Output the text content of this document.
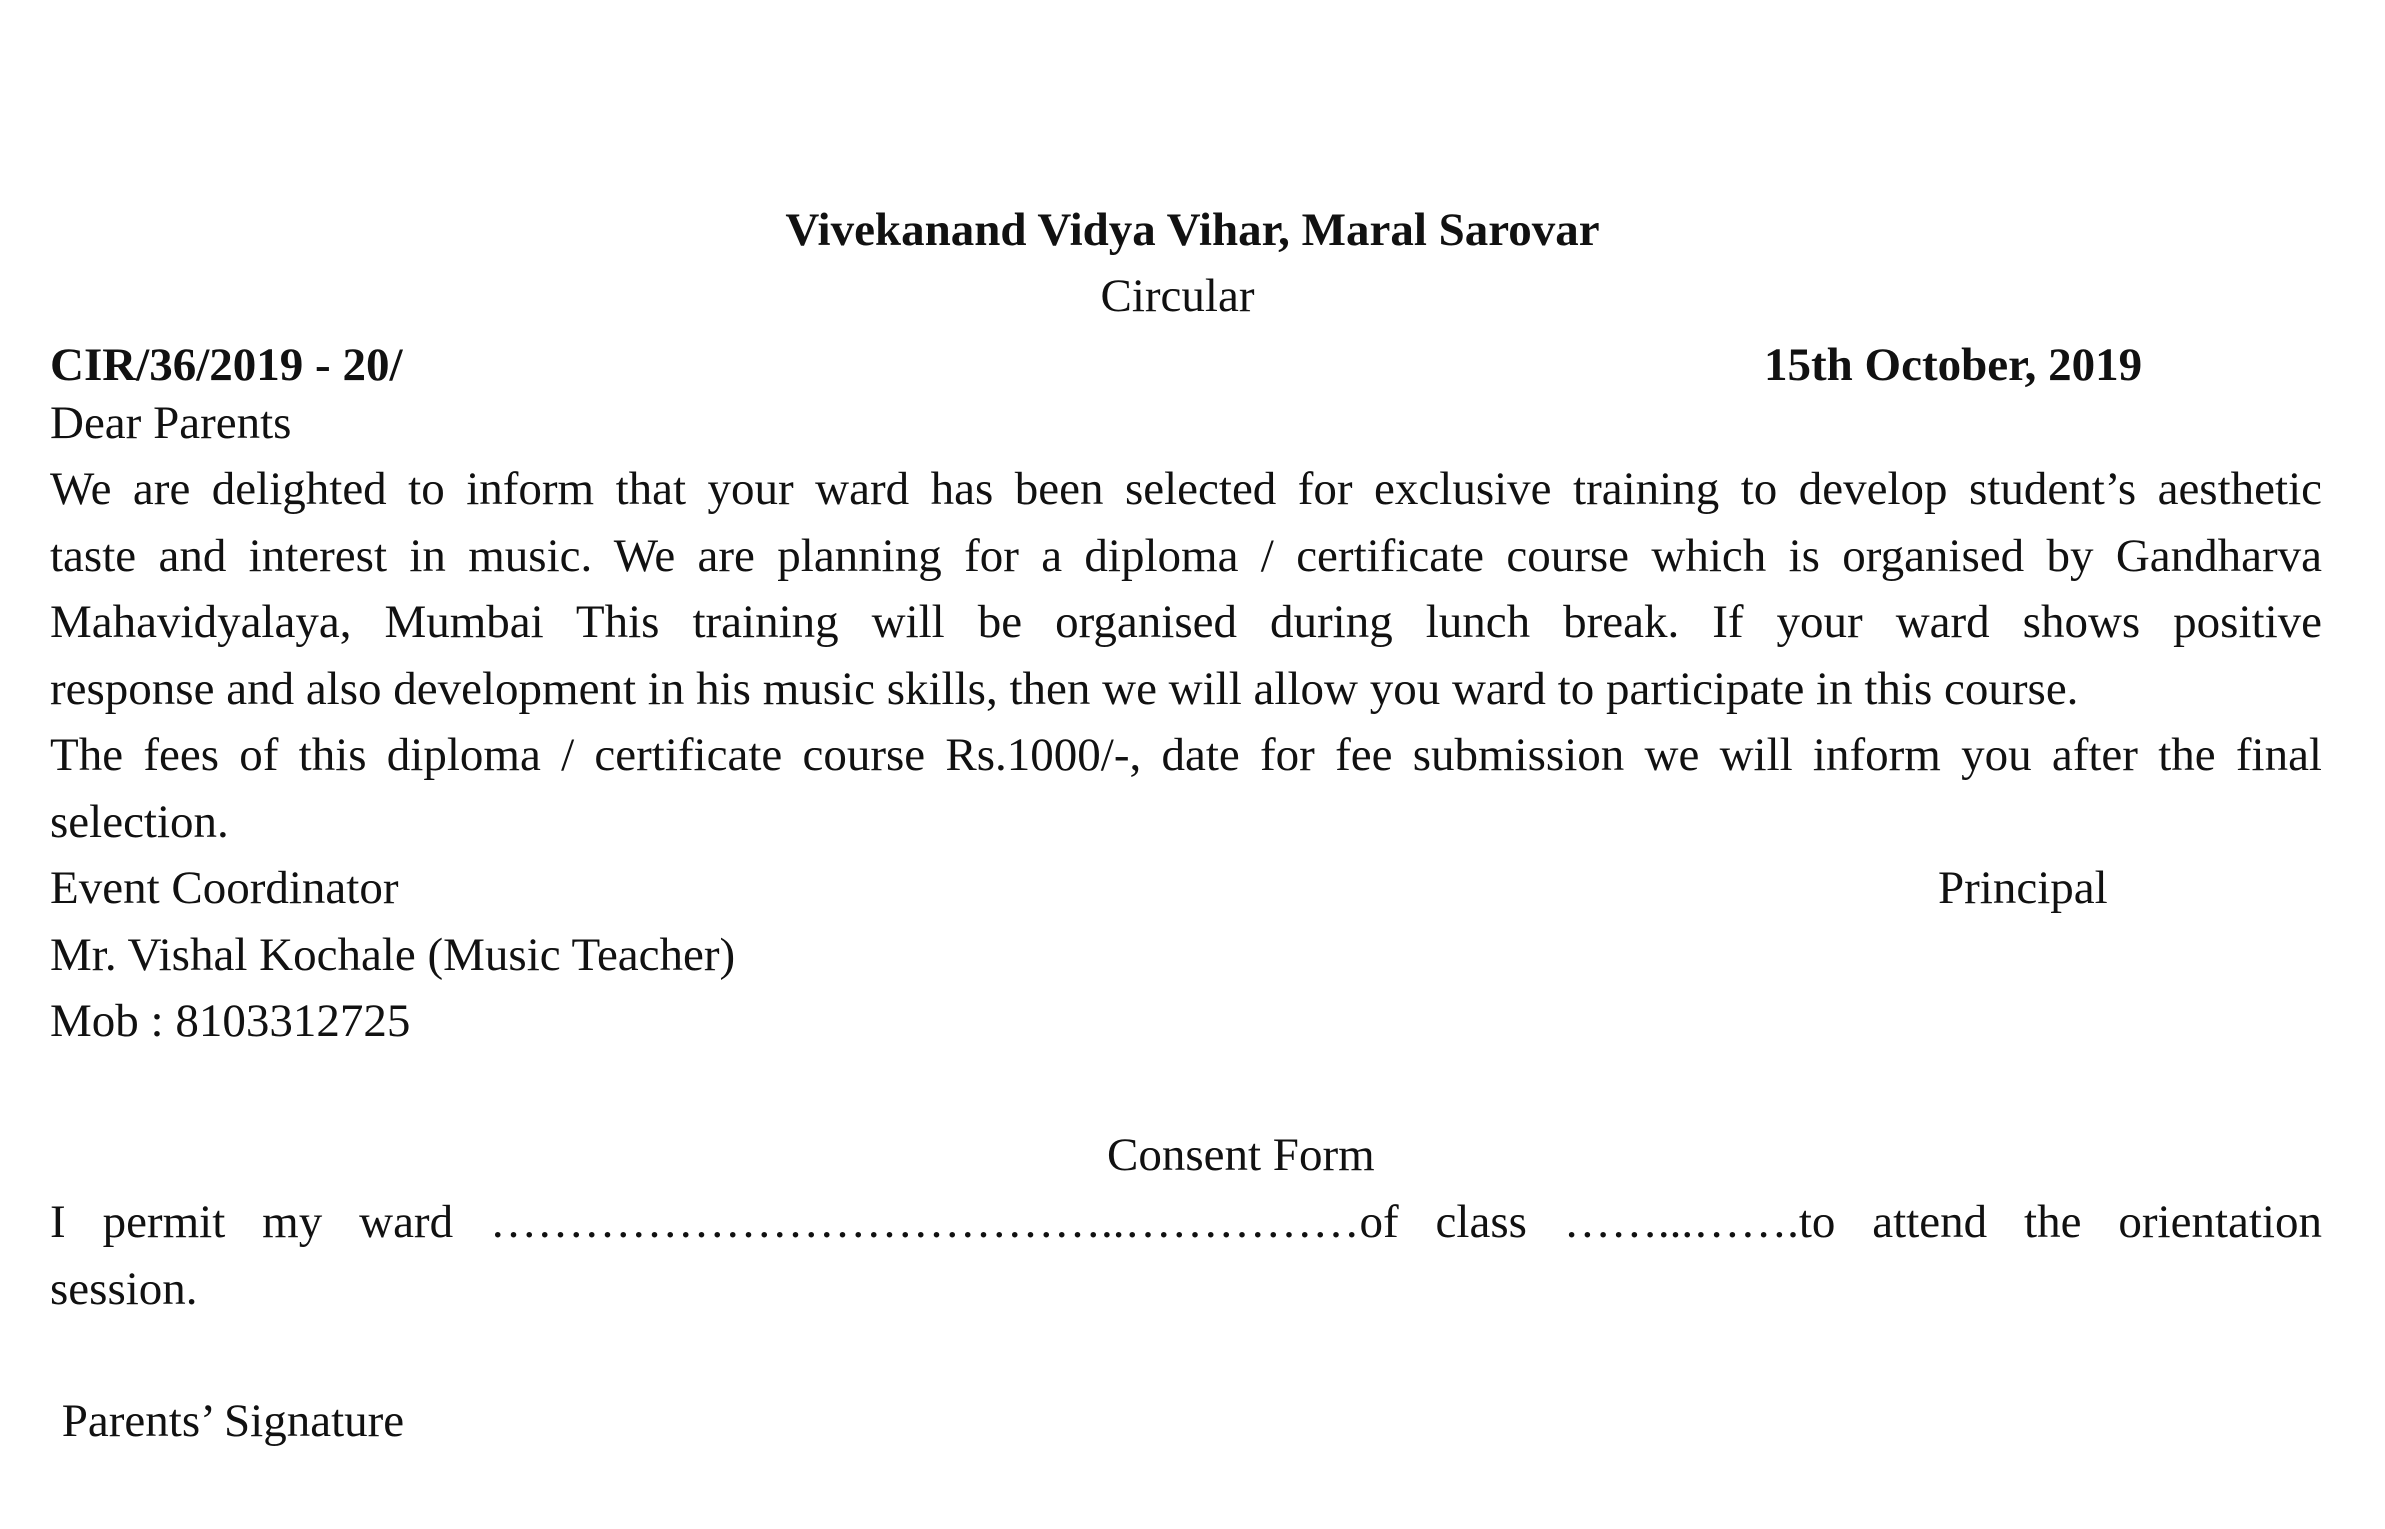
Vivekanand Vidya Vihar, Maral Sarovar
Circular
CIR/36/2019 - 20/	15th October, 2019
Dear Parents
We are delighted to inform that your ward has been selected for exclusive training to develop student’s aesthetic
taste and interest in music. We are planning for a diploma / certificate course which is organised by Gandharva
Mahavidyalaya, Mumbai This training will be organised during lunch break. If your ward shows positive
response and also development in his music skills, then we will allow you ward to participate in this course.
The fees of this diploma / certificate course Rs.1000/-, date for fee submission we will inform you after the final
selection.
Event Coordinator	Principal
Mr. Vishal Kochale (Music Teacher)
Mob : 8103312725
Consent Form
I permit my ward …………………………………..……………of class ……...…….to attend the orientation
session.
Parents’ Signature
